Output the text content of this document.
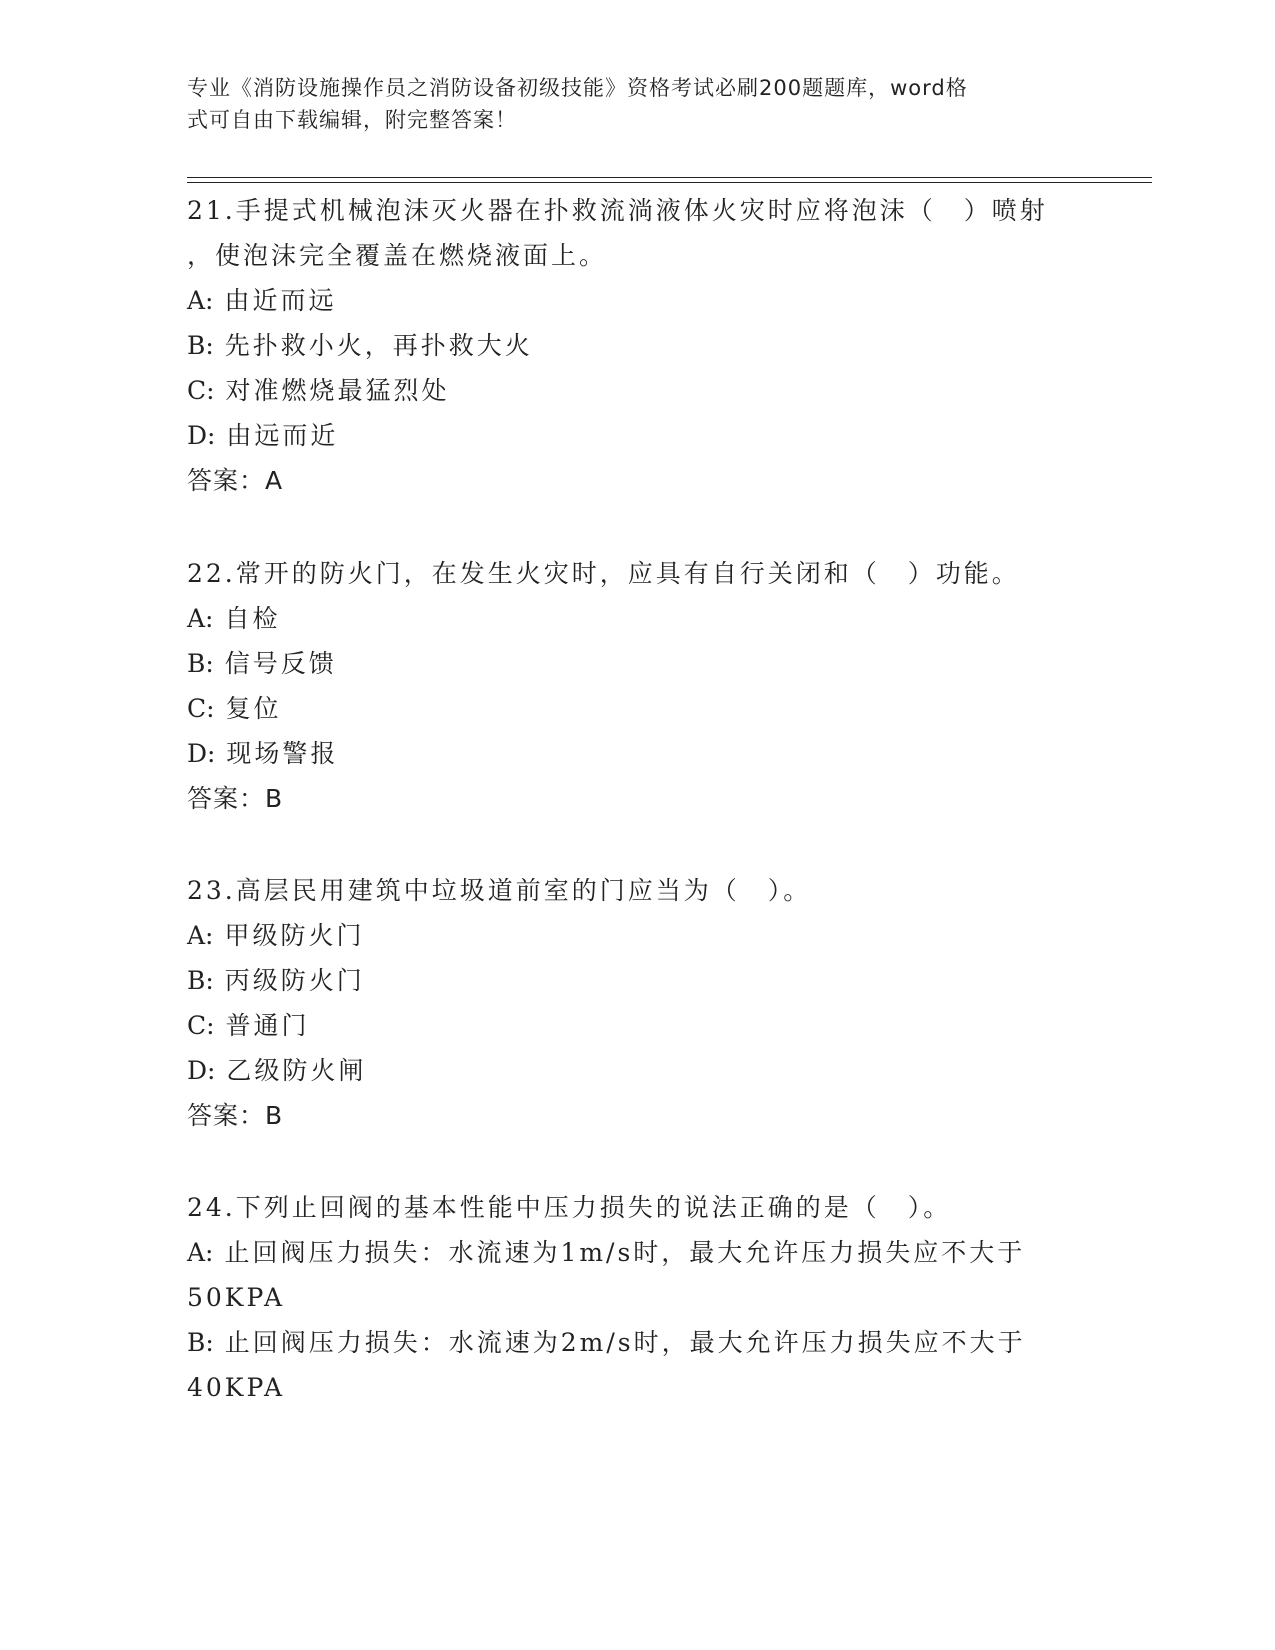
专业《消防设施操作员之消防设备初级技能》资格考试必刷200题题库，word格
式可自由下载编辑，附完整答案！
21.手提式机械泡沫灭火器在扑救流淌液体火灾时应将泡沫（　）喷射
，使泡沫完全覆盖在燃烧液面上。
A: 由近而远
B: 先扑救小火，再扑救大火
C: 对准燃烧最猛烈处
D: 由远而近
答案：A
22.常开的防火门，在发生火灾时，应具有自行关闭和（　）功能。
A: 自检
B: 信号反馈
C: 复位
D: 现场警报
答案：B
23.高层民用建筑中垃圾道前室的门应当为（　）。
A: 甲级防火门
B: 丙级防火门
C: 普通门
D: 乙级防火闸
答案：B
24.下列止回阀的基本性能中压力损失的说法正确的是（　）。
A: 止回阀压力损失：水流速为1m/s时，最大允许压力损失应不大于
50KPA
B: 止回阀压力损失：水流速为2m/s时，最大允许压力损失应不大于
40KPA
